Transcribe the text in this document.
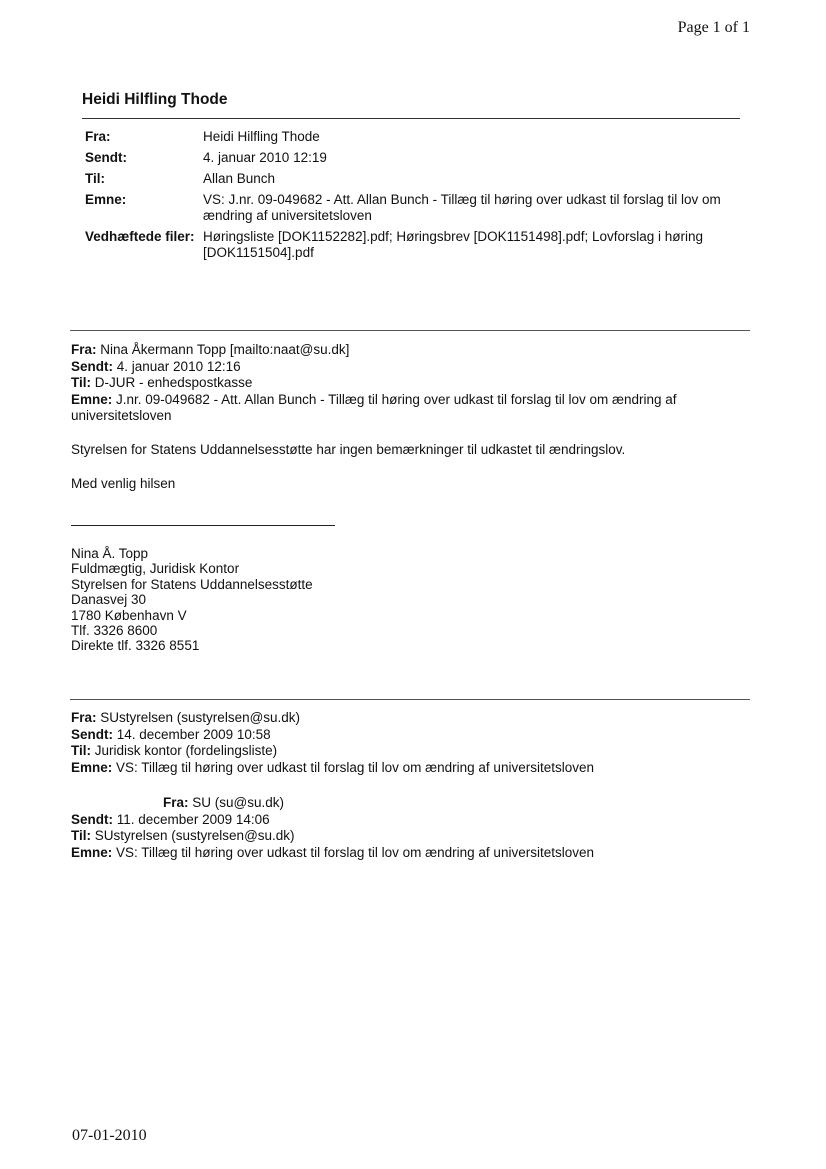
Page 1 of 1
Heidi Hilfling Thode
Fra:	Heidi Hilfling Thode
Sendt:	4. januar 2010 12:19
Til:	Allan Bunch
Emne:	VS: J.nr. 09-049682 - Att. Allan Bunch - Tillæg til høring over udkast til forslag til lov om ændring af universitetsloven
Vedhæftede filer: Høringsliste [DOK1152282].pdf; Høringsbrev [DOK1151498].pdf; Lovforslag i høring [DOK1151504].pdf
Fra: Nina Åkermann Topp [mailto:naat@su.dk]
Sendt: 4. januar 2010 12:16
Til: D-JUR - enhedspostkasse
Emne: J.nr. 09-049682 - Att. Allan Bunch - Tillæg til høring over udkast til forslag til lov om ændring af universitetsloven
Styrelsen for Statens Uddannelsesstøtte har ingen bemærkninger til udkastet til ændringslov.
Med venlig hilsen
Nina Å. Topp
Fuldmægtig, Juridisk Kontor
Styrelsen for Statens Uddannelsesstøtte
Danasvej 30
1780 København V
Tlf. 3326 8600
Direkte tlf. 3326 8551
Fra: SUstyrelsen (sustyrelsen@su.dk)
Sendt: 14. december 2009 10:58
Til: Juridisk kontor (fordelingsliste)
Emne: VS: Tillæg til høring over udkast til forslag til lov om ændring af universitetsloven
Fra: SU (su@su.dk)
Sendt: 11. december 2009 14:06
Til: SUstyrelsen (sustyrelsen@su.dk)
Emne: VS: Tillæg til høring over udkast til forslag til lov om ændring af universitetsloven
07-01-2010
